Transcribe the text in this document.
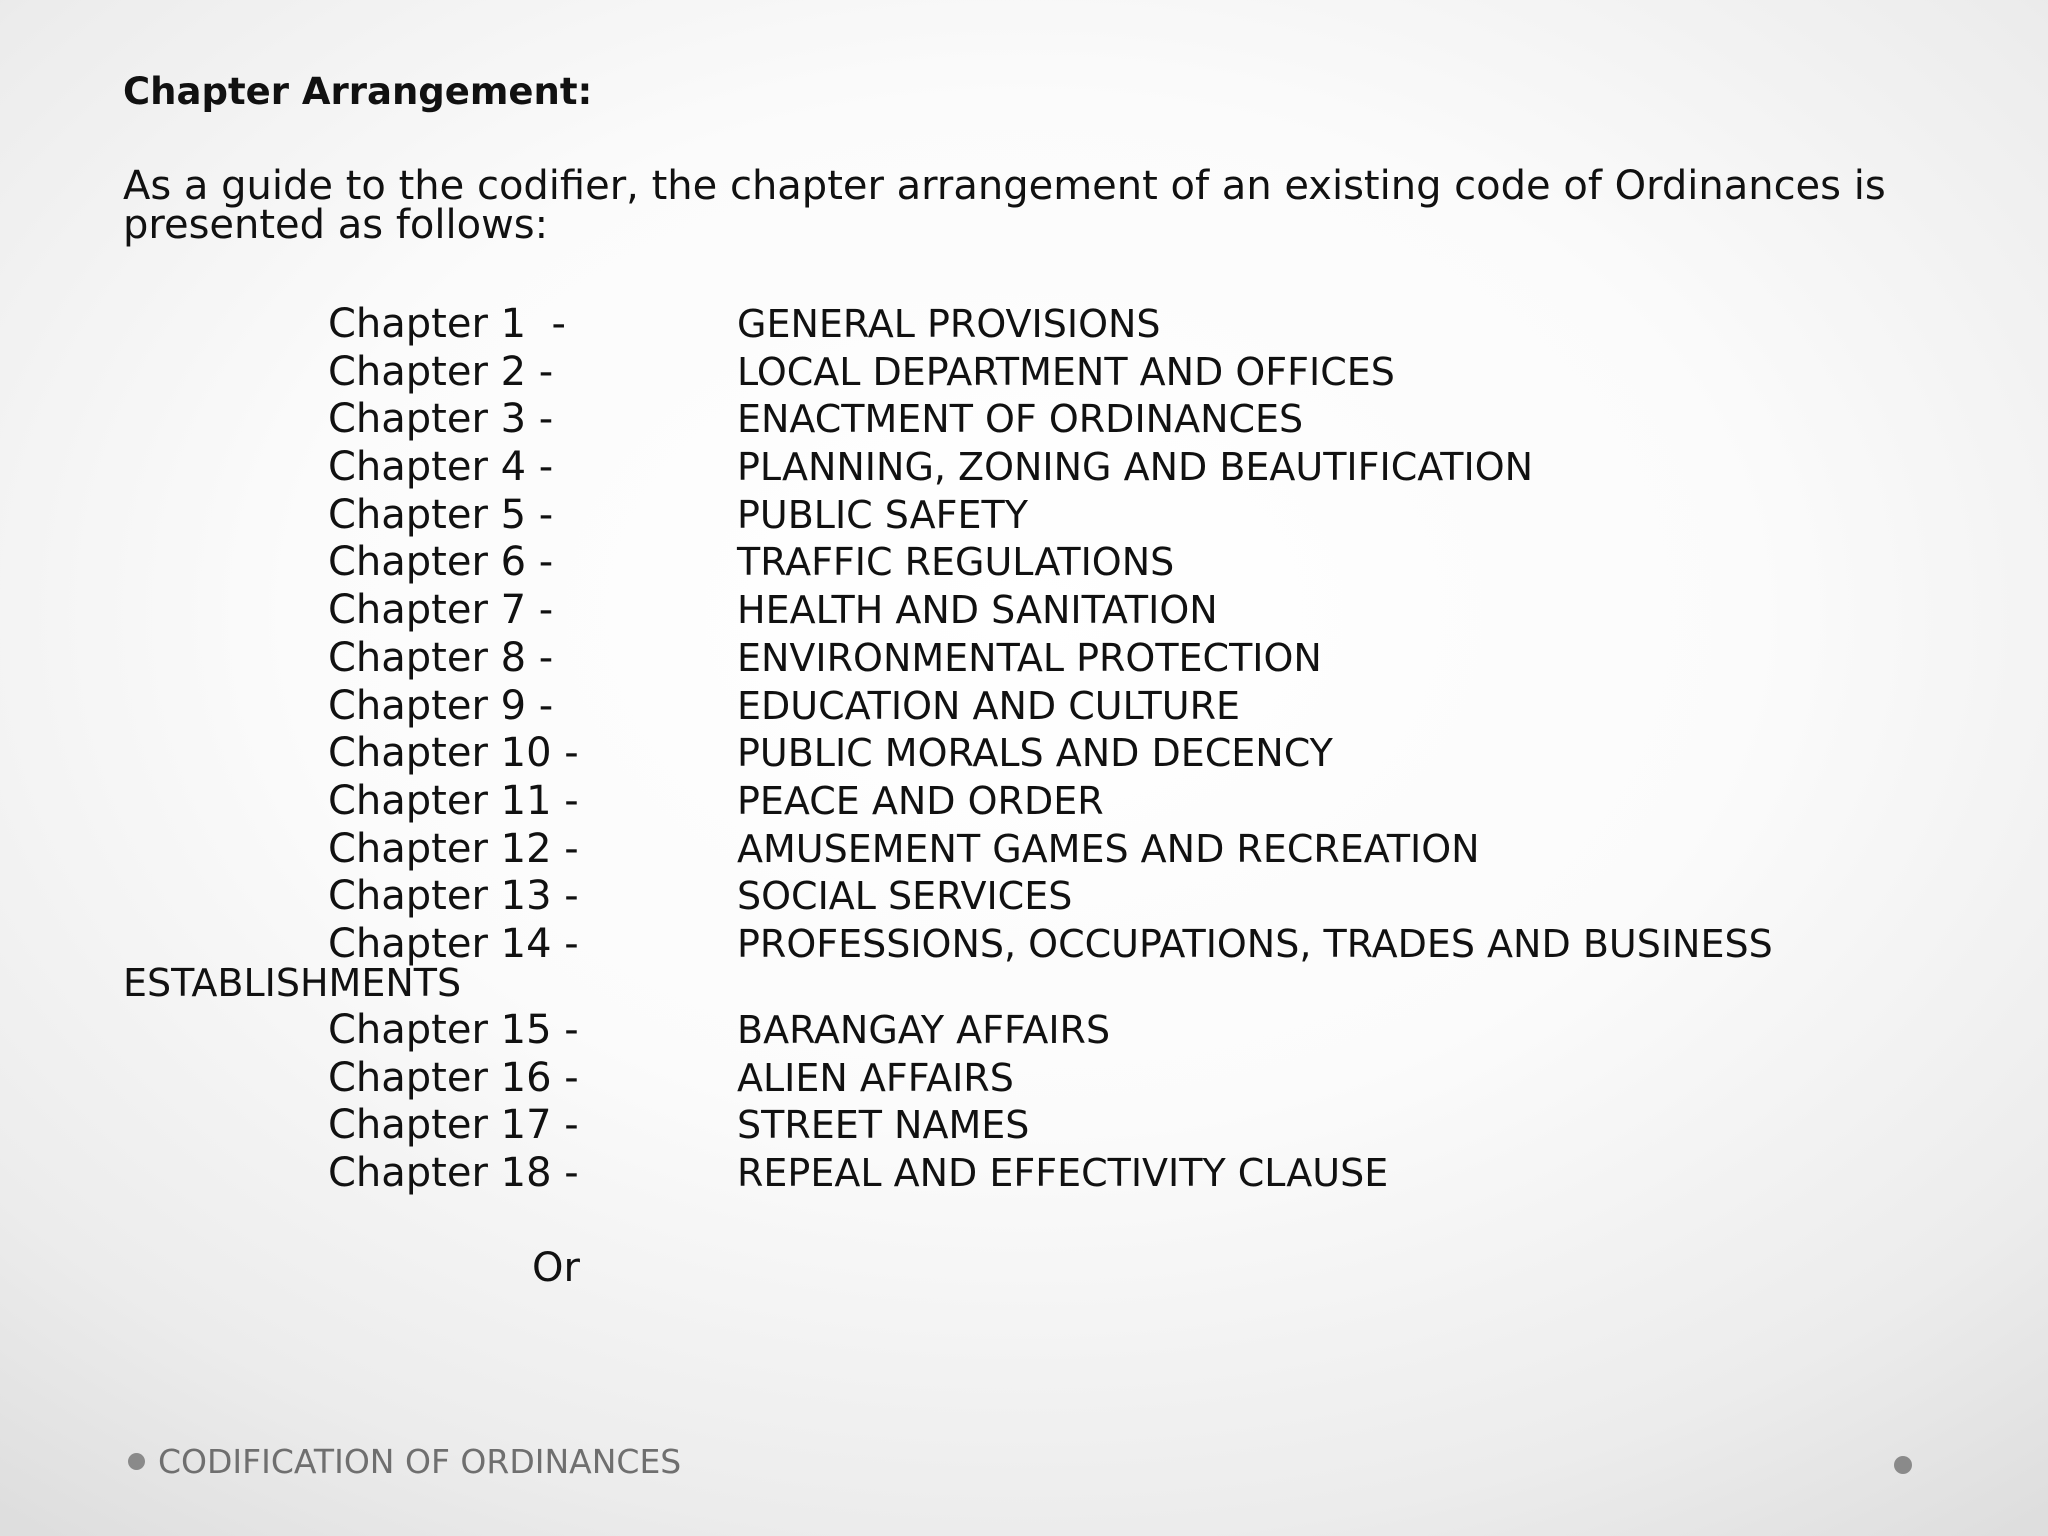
Chapter Arrangement:
As a guide to the codifier, the chapter arrangement of an existing code of Ordinances is presented as follows:
Chapter 1  -	GENERAL PROVISIONS
Chapter 2 -	LOCAL DEPARTMENT AND OFFICES
Chapter 3 -	ENACTMENT OF ORDINANCES
Chapter 4 -	PLANNING, ZONING AND BEAUTIFICATION
Chapter 5 -	PUBLIC SAFETY
Chapter 6 -	TRAFFIC REGULATIONS
Chapter 7 -	HEALTH AND SANITATION
Chapter 8 -	ENVIRONMENTAL PROTECTION
Chapter 9 -	EDUCATION AND CULTURE
Chapter 10 -	PUBLIC MORALS AND DECENCY
Chapter 11 -	PEACE AND ORDER
Chapter 12 -	AMUSEMENT GAMES AND RECREATION
Chapter 13 -	SOCIAL SERVICES
Chapter 14 -	PROFESSIONS, OCCUPATIONS, TRADES AND BUSINESS
ESTABLISHMENTS
Chapter 15 -	BARANGAY AFFAIRS
Chapter 16 -	ALIEN AFFAIRS
Chapter 17 -	STREET NAMES
Chapter 18 -	REPEAL AND EFFECTIVITY CLAUSE
Or
CODIFICATION OF ORDINANCES
